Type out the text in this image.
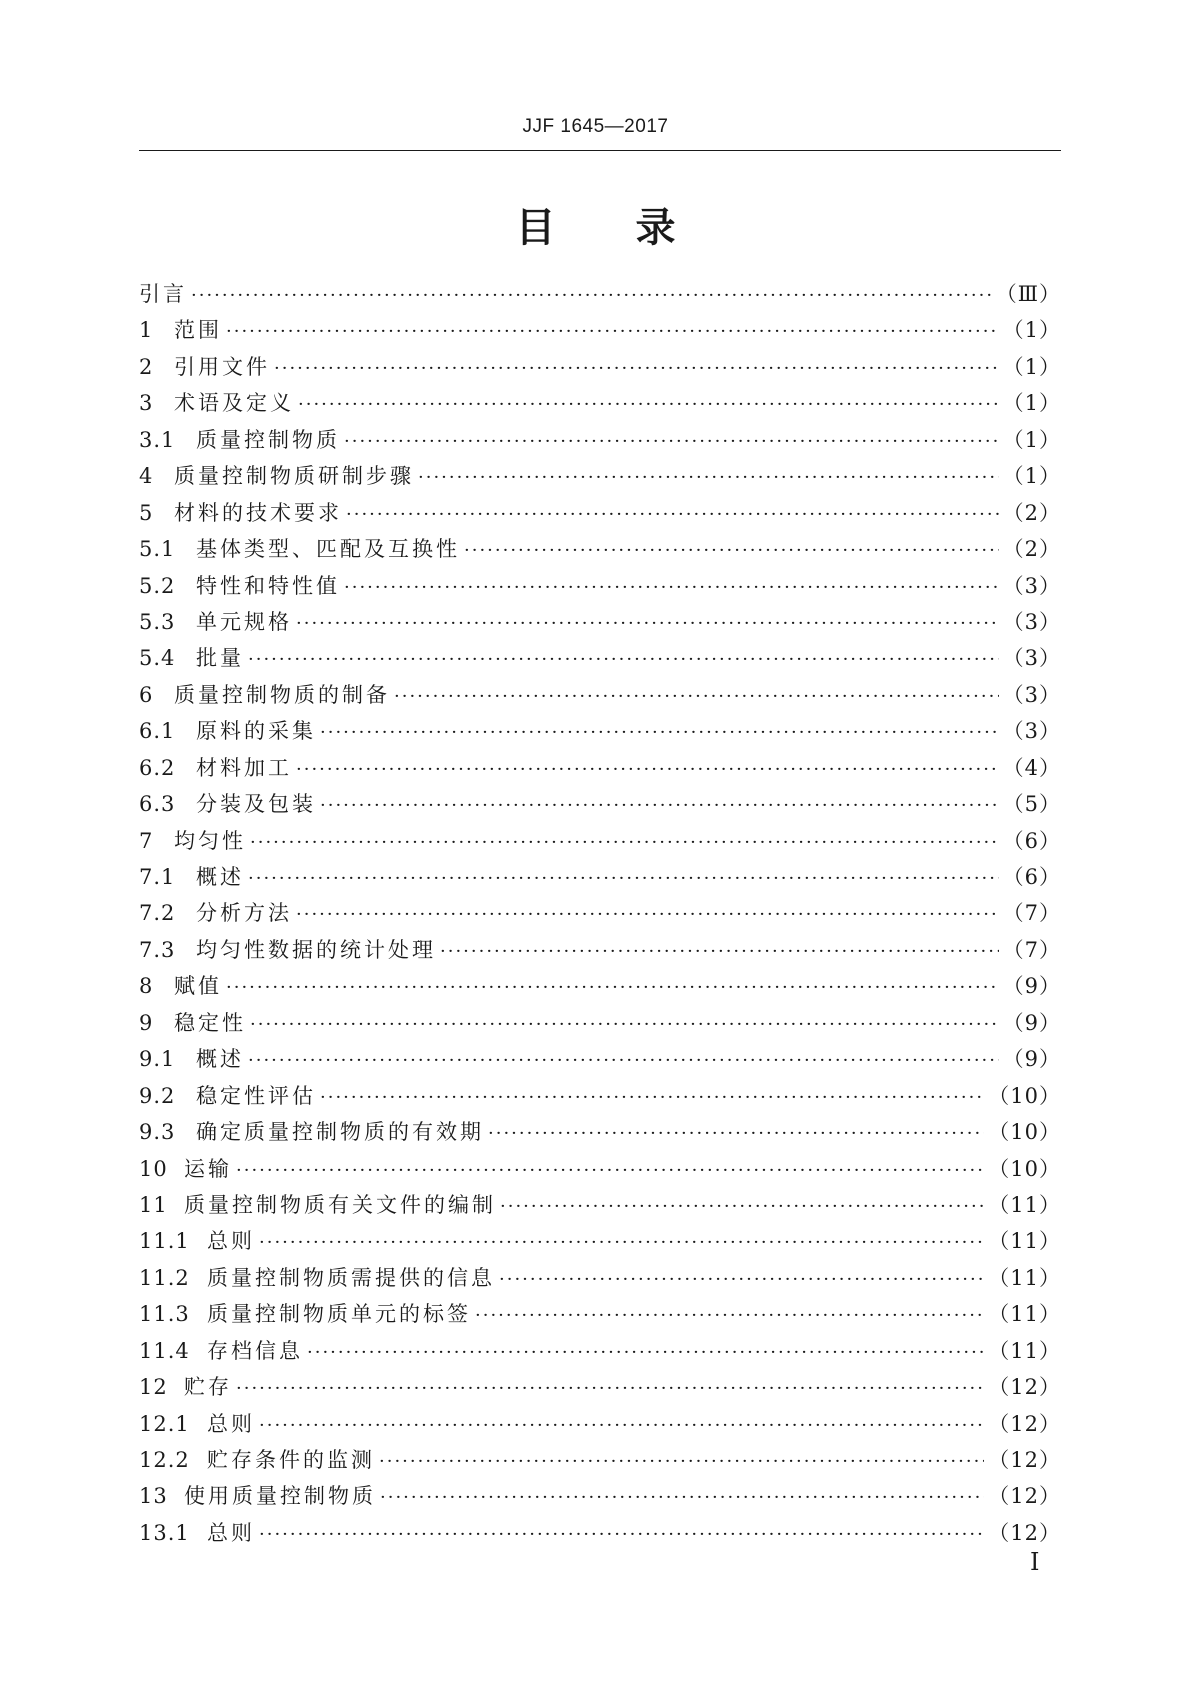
JJF 1645—2017
目 录
引言 ·····	（Ⅲ）
1 范围 ·····	（1）
2 引用文件 ·····	（1）
3 术语及定义 ·····	（1）
3.1 质量控制物质 ·····	（1）
4 质量控制物质研制步骤 ·····	（1）
5 材料的技术要求 ·····	（2）
5.1 基体类型、匹配及互换性 ·····	（2）
5.2 特性和特性值 ·····	（3）
5.3 单元规格 ·····	（3）
5.4 批量 ·····	（3）
6 质量控制物质的制备 ·····	（3）
6.1 原料的采集 ·····	（3）
6.2 材料加工 ·····	（4）
6.3 分装及包装 ·····	（5）
7 均匀性 ·····	（6）
7.1 概述 ·····	（6）
7.2 分析方法 ·····	（7）
7.3 均匀性数据的统计处理 ·····	（7）
8 赋值 ·····	（9）
9 稳定性 ·····	（9）
9.1 概述 ·····	（9）
9.2 稳定性评估 ·····	（10）
9.3 确定质量控制物质的有效期 ·····	（10）
10 运输 ·····	（10）
11 质量控制物质有关文件的编制 ·····	（11）
11.1 总则 ·····	（11）
11.2 质量控制物质需提供的信息 ·····	（11）
11.3 质量控制物质单元的标签 ·····	（11）
11.4 存档信息 ·····	（11）
12 贮存 ·····	（12）
12.1 总则 ·····	（12）
12.2 贮存条件的监测 ·····	（12）
13 使用质量控制物质 ·····	（12）
13.1 总则 ·····	（12）
I
